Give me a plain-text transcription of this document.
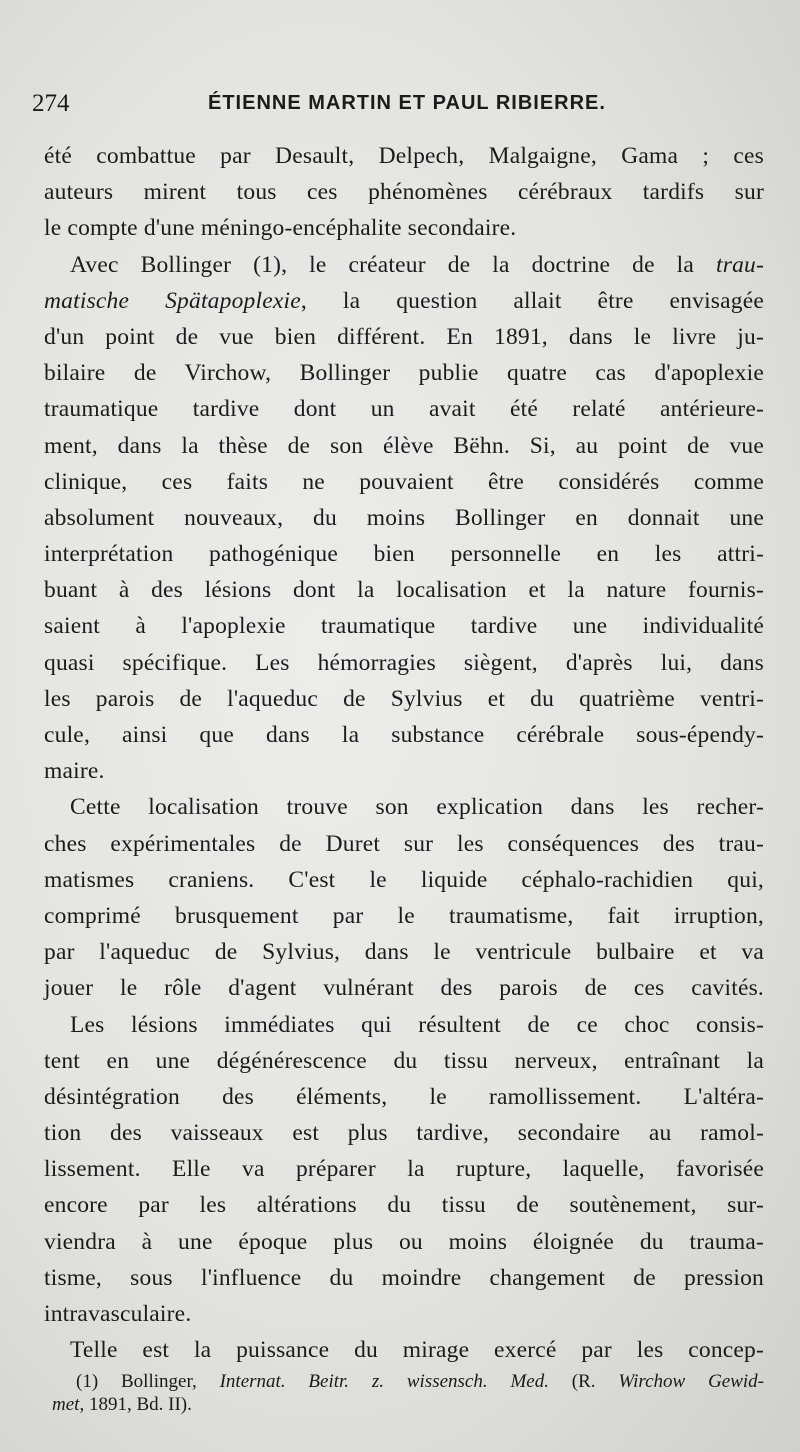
274	ÉTIENNE MARTIN ET PAUL RIBIERRE.
été combattue par Desault, Delpech, Malgaigne, Gama ; ces
auteurs mirent tous ces phénomènes cérébraux tardifs sur
le compte d'une méningo-encéphalite secondaire.
Avec Bollinger (1), le créateur de la doctrine de la trau-
matische Spätapoplexie, la question allait être envisagée
d'un point de vue bien différent. En 1891, dans le livre ju-
bilaire de Virchow, Bollinger publie quatre cas d'apoplexie
traumatique tardive dont un avait été relaté antérieure-
ment, dans la thèse de son élève Bëhn. Si, au point de vue
clinique, ces faits ne pouvaient être considérés comme
absolument nouveaux, du moins Bollinger en donnait une
interprétation pathogénique bien personnelle en les attri-
buant à des lésions dont la localisation et la nature fournis-
saient à l'apoplexie traumatique tardive une individualité
quasi spécifique. Les hémorragies siègent, d'après lui, dans
les parois de l'aqueduc de Sylvius et du quatrième ventri-
cule, ainsi que dans la substance cérébrale sous-épendy-
maire.
Cette localisation trouve son explication dans les recher-
ches expérimentales de Duret sur les conséquences des trau-
matismes craniens. C'est le liquide céphalo-rachidien qui,
comprimé brusquement par le traumatisme, fait irruption,
par l'aqueduc de Sylvius, dans le ventricule bulbaire et va
jouer le rôle d'agent vulnérant des parois de ces cavités.
Les lésions immédiates qui résultent de ce choc consis-
tent en une dégénérescence du tissu nerveux, entraînant la
désintégration des éléments, le ramollissement. L'altéra-
tion des vaisseaux est plus tardive, secondaire au ramol-
lissement. Elle va préparer la rupture, laquelle, favorisée
encore par les altérations du tissu de soutènement, sur-
viendra à une époque plus ou moins éloignée du trauma-
tisme, sous l'influence du moindre changement de pression
intravasculaire.
Telle est la puissance du mirage exercé par les concep-
(1) Bollinger, Internat. Beitr. z. wissensch. Med. (R. Wirchow Gewid-
met, 1891, Bd. II).
